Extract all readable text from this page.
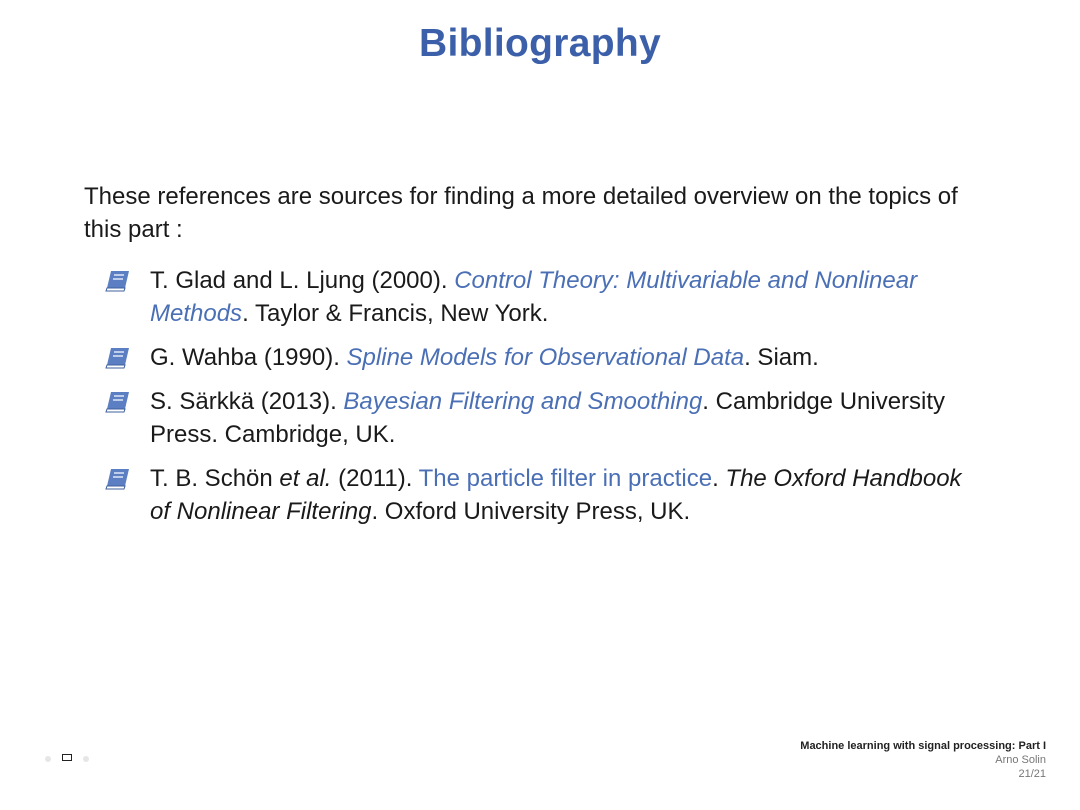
Bibliography

These references are sources for finding a more detailed overview on the topics of this part :

T. Glad and L. Ljung (2000). Control Theory: Multivariable and Nonlinear Methods. Taylor & Francis, New York.
G. Wahba (1990). Spline Models for Observational Data. Siam.
S. Särkkä (2013). Bayesian Filtering and Smoothing. Cambridge University Press. Cambridge, UK.
T. B. Schön et al. (2011). The particle filter in practice. The Oxford Handbook of Nonlinear Filtering. Oxford University Press, UK.
Machine learning with signal processing: Part I
Arno Solin
21/21
